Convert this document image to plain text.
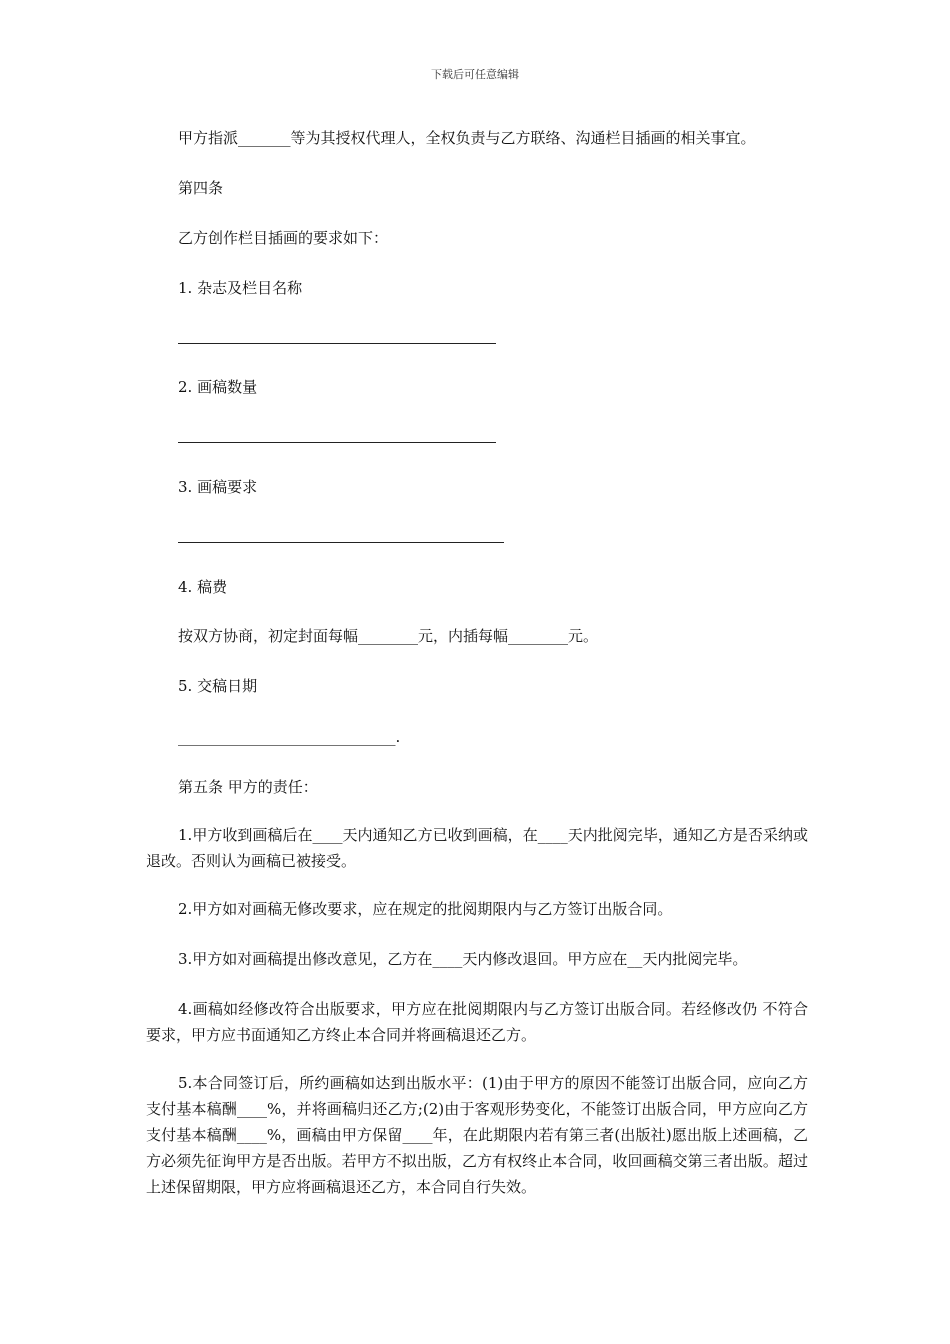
下载后可任意编辑
甲方指派_______等为其授权代理人，全权负责与乙方联络、沟通栏目插画的相关事宜。
第四条
乙方创作栏目插画的要求如下：
1. 杂志及栏目名称
2. 画稿数量
3. 画稿要求
4. 稿费
按双方协商，初定封面每幅________元，内插每幅________元。
5. 交稿日期
_____________________________.
第五条 甲方的责任：
1.甲方收到画稿后在____天内通知乙方已收到画稿，在____天内批阅完毕，通知乙方是否采纳或退改。否则认为画稿已被接受。
2.甲方如对画稿无修改要求，应在规定的批阅期限内与乙方签订出版合同。
3.甲方如对画稿提出修改意见，乙方在____天内修改退回。甲方应在__天内批阅完毕。
4.画稿如经修改符合出版要求，甲方应在批阅期限内与乙方签订出版合同。若经修改仍 不符合要求，甲方应书面通知乙方终止本合同并将画稿退还乙方。
5.本合同签订后，所约画稿如达到出版水平：(1)由于甲方的原因不能签订出版合同，应向乙方支付基本稿酬____%，并将画稿归还乙方;(2)由于客观形势变化，不能签订出版合同，甲方应向乙方支付基本稿酬____%，画稿由甲方保留____年，在此期限内若有第三者(出版社)愿出版上述画稿，乙方必须先征询甲方是否出版。若甲方不拟出版，乙方有权终止本合同，收回画稿交第三者出版。超过上述保留期限，甲方应将画稿退还乙方，本合同自行失效。
